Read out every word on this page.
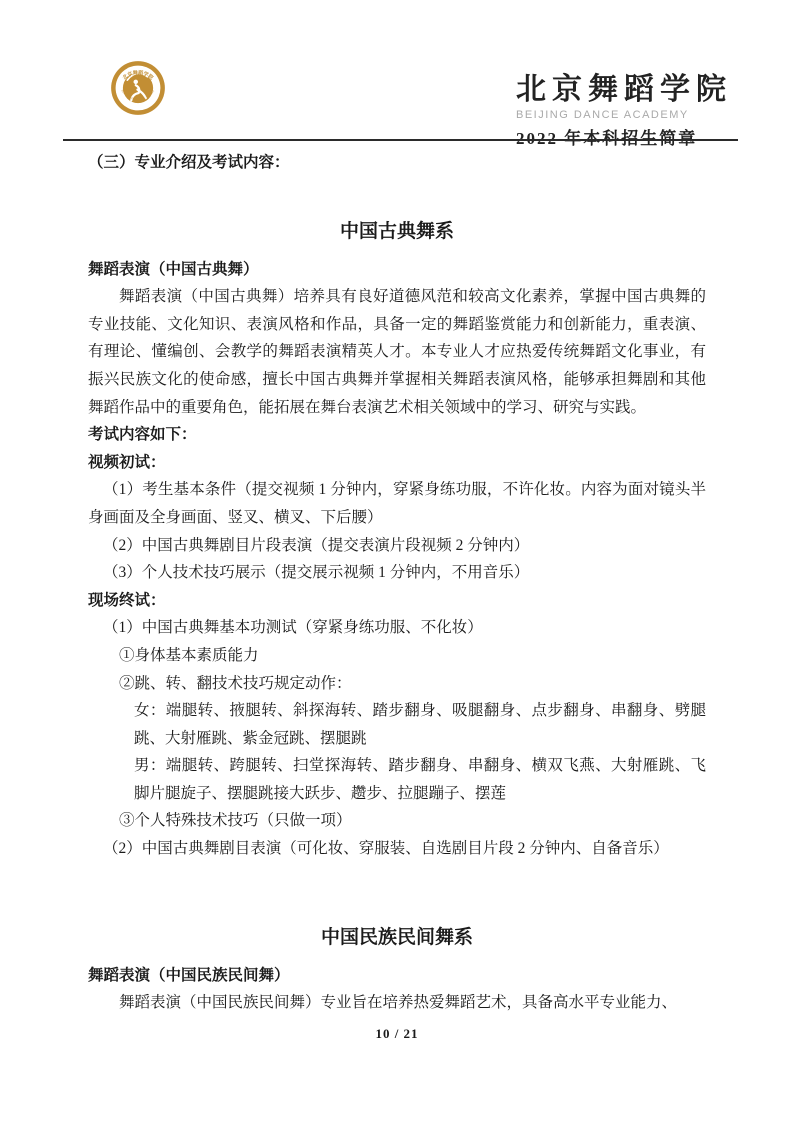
北京舞蹈学院
BEIJING DANCE ACADEMY	北京舞蹈学院
BEIJING DANCE ACADEMY
（三）专业介绍及考试内容：
中国古典舞系
舞蹈表演（中国古典舞）
舞蹈表演（中国古典舞）培养具有良好道德风范和较高文化素养，掌握中国古典舞的专业技能、文化知识、表演风格和作品，具备一定的舞蹈鉴赏能力和创新能力，重表演、有理论、懂编创、会教学的舞蹈表演精英人才。本专业人才应热爱传统舞蹈文化事业，有振兴民族文化的使命感，擅长中国古典舞并掌握相关舞蹈表演风格，能够承担舞剧和其他舞蹈作品中的重要角色，能拓展在舞台表演艺术相关领域中的学习、研究与实践。
考试内容如下：
视频初试：
（1）考生基本条件（提交视频 1 分钟内，穿紧身练功服，不许化妆。内容为面对镜头半身画面及全身画面、竖叉、横叉、下后腰）
（2）中国古典舞剧目片段表演（提交表演片段视频 2 分钟内）
（3）个人技术技巧展示（提交展示视频 1 分钟内，不用音乐）
现场终试：
（1）中国古典舞基本功测试（穿紧身练功服、不化妆）
①身体基本素质能力
②跳、转、翻技术技巧规定动作：
女：端腿转、掖腿转、斜探海转、踏步翻身、吸腿翻身、点步翻身、串翻身、劈腿跳、大射雁跳、紫金冠跳、摆腿跳
男：端腿转、跨腿转、扫堂探海转、踏步翻身、串翻身、横双飞燕、大射雁跳、飞脚片腿旋子、摆腿跳接大跃步、趱步、拉腿蹦子、摆莲
③个人特殊技术技巧（只做一项）
（2）中国古典舞剧目表演（可化妆、穿服装、自选剧目片段 2 分钟内、自备音乐）
中国民族民间舞系
舞蹈表演（中国民族民间舞）
舞蹈表演（中国民族民间舞）专业旨在培养热爱舞蹈艺术，具备高水平专业能力、
10 / 21
